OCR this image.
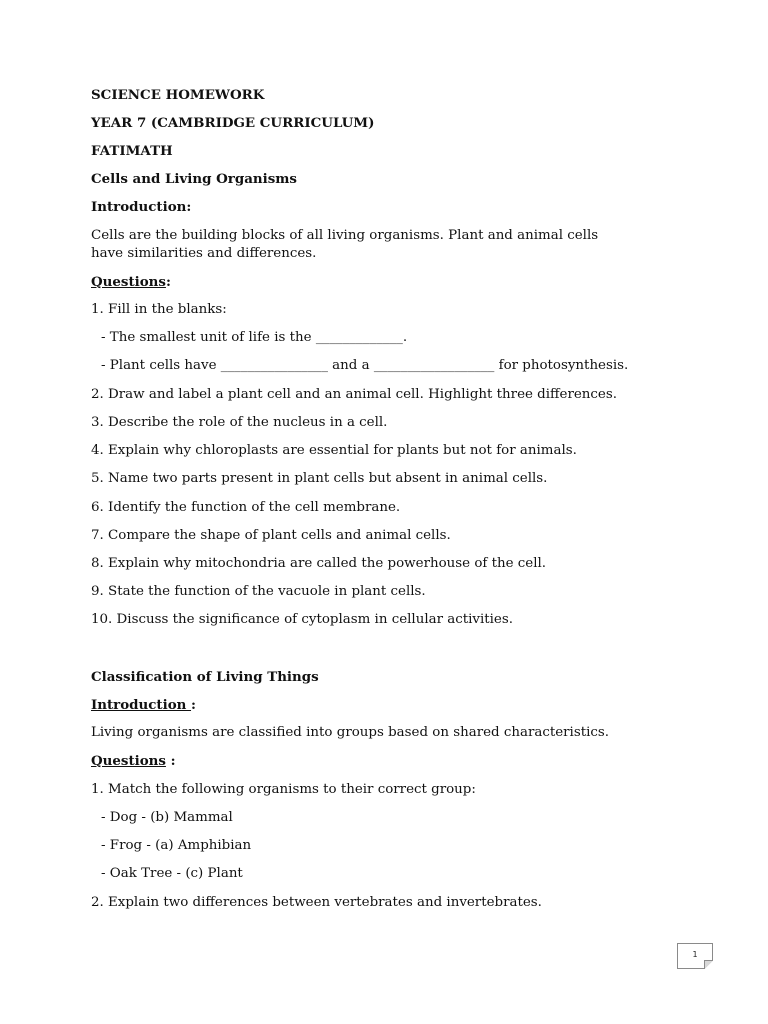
SCIENCE HOMEWORK
YEAR 7 (CAMBRIDGE CURRICULUM)
FATIMATH
Cells and Living Organisms
Introduction:
Cells are the building blocks of all living organisms. Plant and animal cells have similarities and differences.
Questions:
1. Fill in the blanks:
- The smallest unit of life is the _____________.
- Plant cells have ________________ and a __________________ for photosynthesis.
2. Draw and label a plant cell and an animal cell. Highlight three differences.
3. Describe the role of the nucleus in a cell.
4. Explain why chloroplasts are essential for plants but not for animals.
5. Name two parts present in plant cells but absent in animal cells.
6. Identify the function of the cell membrane.
7. Compare the shape of plant cells and animal cells.
8. Explain why mitochondria are called the powerhouse of the cell.
9. State the function of the vacuole in plant cells.
10. Discuss the significance of cytoplasm in cellular activities.
Classification of Living Things
Introduction :
Living organisms are classified into groups based on shared characteristics.
Questions :
1. Match the following organisms to their correct group:
- Dog - (b) Mammal
- Frog - (a) Amphibian
- Oak Tree - (c) Plant
2. Explain two differences between vertebrates and invertebrates.
1
